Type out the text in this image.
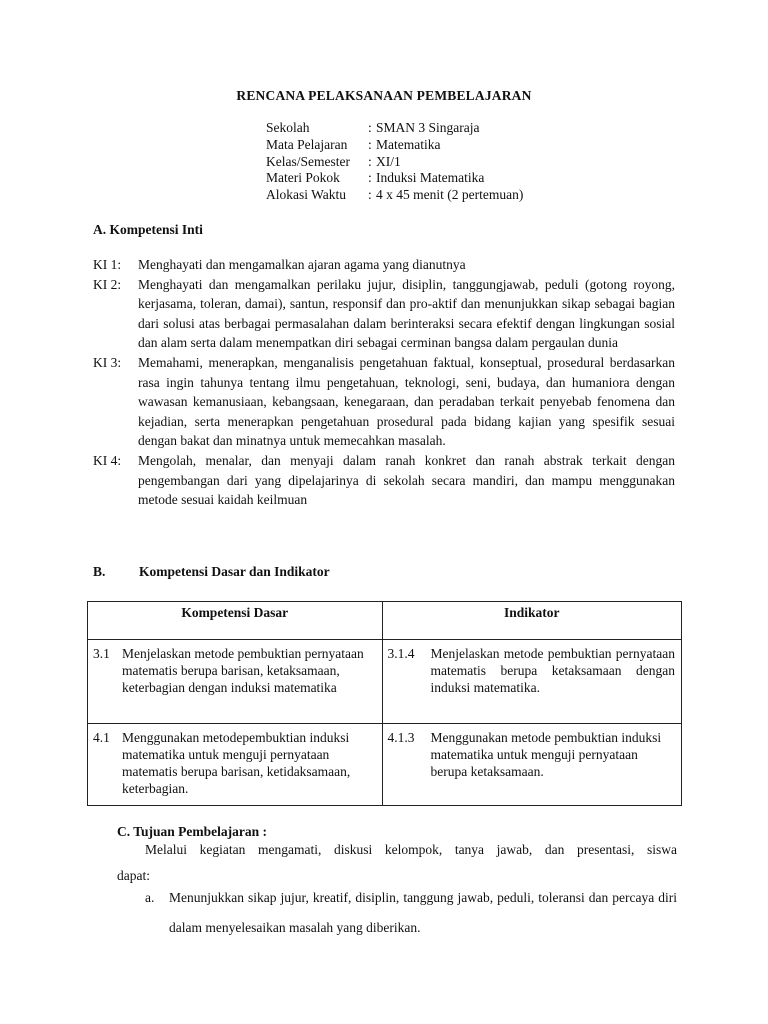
RENCANA PELAKSANAAN PEMBELAJARAN
Sekolah	: SMAN 3 Singaraja
Mata Pelajaran	: Matematika
Kelas/Semester	: XI/1
Materi Pokok	: Induksi Matematika
Alokasi Waktu	: 4 x 45 menit (2 pertemuan)
A. Kompetensi Inti
KI 1:	Menghayati dan mengamalkan ajaran agama yang dianutnya
KI 2:	Menghayati dan mengamalkan perilaku jujur, disiplin, tanggungjawab, peduli (gotong royong, kerjasama, toleran, damai), santun, responsif dan pro-aktif dan menunjukkan sikap sebagai bagian dari solusi atas berbagai permasalahan dalam berinteraksi secara efektif dengan lingkungan sosial dan alam serta dalam menempatkan diri sebagai cerminan bangsa dalam pergaulan dunia
KI 3:	Memahami, menerapkan, menganalisis pengetahuan faktual, konseptual, prosedural berdasarkan rasa ingin tahunya tentang ilmu pengetahuan, teknologi, seni, budaya, dan humaniora dengan wawasan kemanusiaan, kebangsaan, kenegaraan, dan peradaban terkait penyebab fenomena dan kejadian, serta menerapkan pengetahuan prosedural pada bidang kajian yang spesifik sesuai dengan bakat dan minatnya untuk memecahkan masalah.
KI 4:	Mengolah, menalar, dan menyaji dalam ranah konkret dan ranah abstrak terkait dengan pengembangan dari yang dipelajarinya di sekolah secara mandiri, dan mampu menggunakan metode sesuai kaidah keilmuan
B. Kompetensi Dasar dan Indikator
Kompetensi Dasar	Indikator

3.1 Menjelaskan metode pembuktian pernyataan matematis berupa barisan, ketaksamaan, keterbagian dengan induksi matematika	3.1.4 Menjelaskan metode pembuktian pernyataan matematis berupa ketaksamaan dengan induksi matematika.

4.1 Menggunakan metodepembuktian induksi matematika untuk menguji pernyataan matematis berupa barisan, ketidaksamaan, keterbagian.	4.1.3 Menggunakan metode pembuktian induksi matematika untuk menguji pernyataan berupa ketaksamaan.
C. Tujuan Pembelajaran :
Melalui kegiatan mengamati, diskusi kelompok, tanya jawab, dan presentasi, siswa
dapat:
a.	Menunjukkan sikap jujur, kreatif, disiplin, tanggung jawab, peduli, toleransi dan percaya diri dalam menyelesaikan masalah yang diberikan.
